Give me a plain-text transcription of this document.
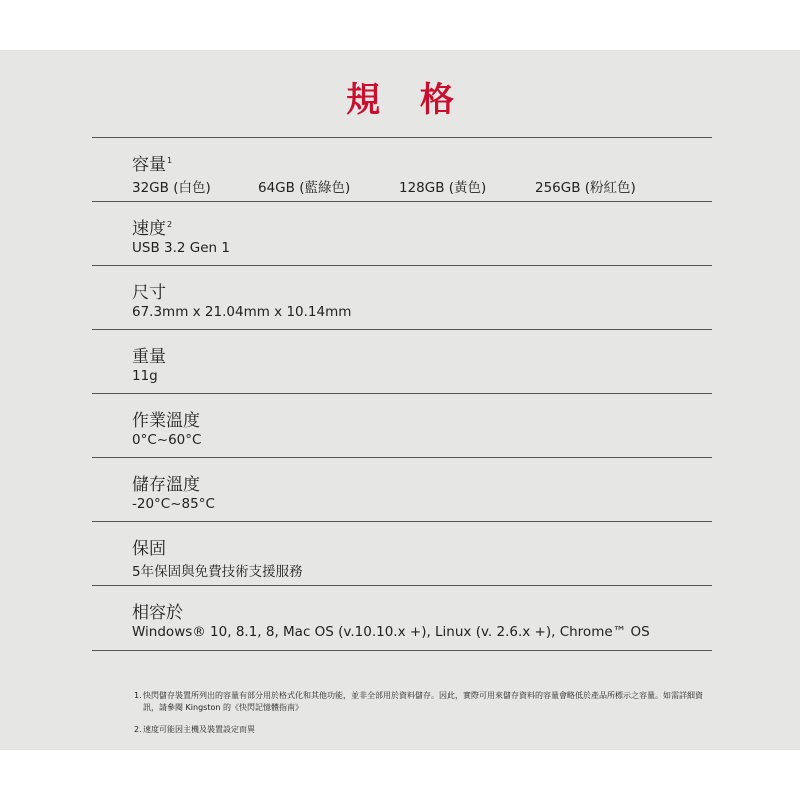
規 格
容量$^1$
32GB (白色)	64GB (藍綠色)	128GB (黃色)	256GB (粉紅色)
速度$^2$
USB 3.2 Gen 1
尺寸
67.3mm x 21.04mm x 10.14mm
重量
11g
作業溫度
0°C~60°C
儲存溫度
-20°C~85°C
保固
5年保固與免費技術支援服務
相容於
Windows® 10, 8.1, 8, Mac OS (v.10.10.x +), Linux (v. 2.6.x +), Chrome™ OS
1. 快閃儲存裝置所列出的容量有部分用於格式化和其他功能，並非全部用於資料儲存。因此，實際可用來儲存資料的容量會略低於產品所標示之容量。如需詳細資訊，請參閱 Kingston 的《快閃記憶體指南》
2. 速度可能因主機及裝置設定而異
